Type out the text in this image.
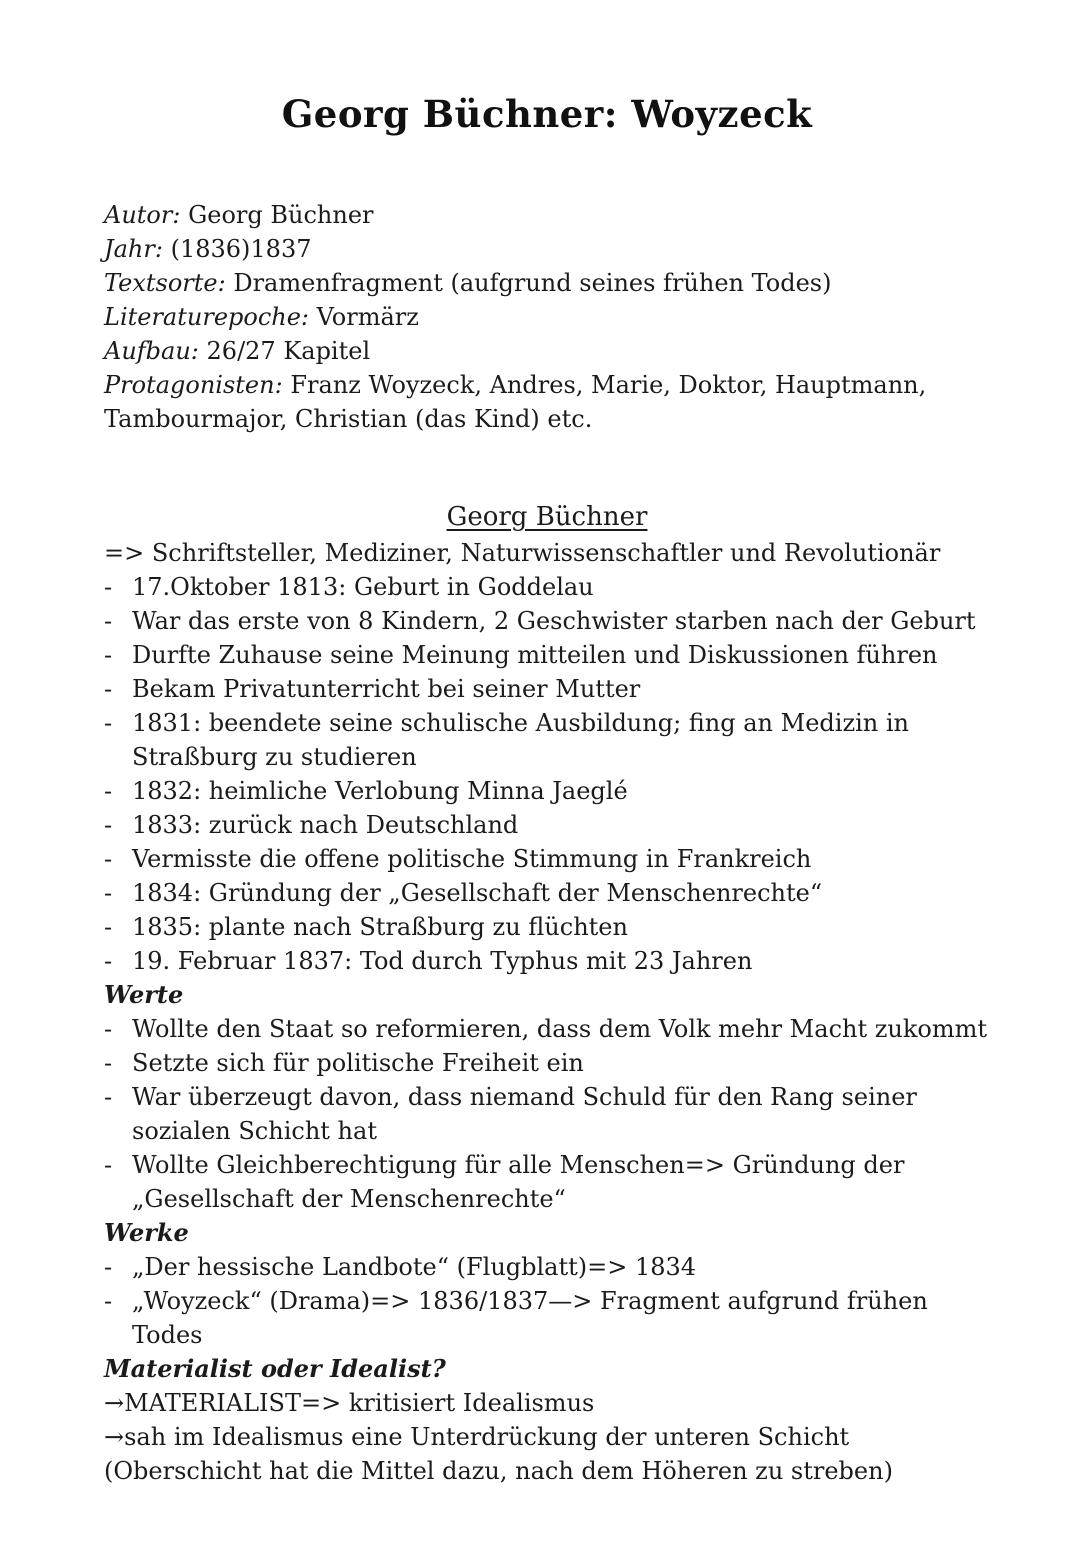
Georg Büchner: Woyzeck

Autor: Georg Büchner

Jahr: (1836)1837

Textsorte: Dramenfragment (aufgrund seines frühen Todes)

Literaturepoche: Vormärz

Aufbau: 26/27 Kapitel

Protagonisten: Franz Woyzeck, Andres, Marie, Doktor, Hauptmann, Tambourmajor, Christian (das Kind) etc.

Georg Büchner

=> Schriftsteller, Mediziner, Naturwissenschaftler und Revolutionär

- 17.Oktober 1813: Geburt in Goddelau
- War das erste von 8 Kindern, 2 Geschwister starben nach der Geburt
- Durfte Zuhause seine Meinung mitteilen und Diskussionen führen
- Bekam Privatunterricht bei seiner Mutter
- 1831: beendete seine schulische Ausbildung; fing an Medizin in Straßburg zu studieren
- 1832: heimliche Verlobung Minna Jaeglé
- 1833: zurück nach Deutschland
- Vermisste die offene politische Stimmung in Frankreich
- 1834: Gründung der „Gesellschaft der Menschenrechte“
- 1835: plante nach Straßburg zu flüchten
- 19. Februar 1837: Tod durch Typhus mit 23 Jahren
Werte
- Wollte den Staat so reformieren, dass dem Volk mehr Macht zukommt
- Setzte sich für politische Freiheit ein
- War überzeugt davon, dass niemand Schuld für den Rang seiner sozialen Schicht hat
- Wollte Gleichberechtigung für alle Menschen=> Gründung der „Gesellschaft der Menschenrechte“
Werke
- „Der hessische Landbote“ (Flugblatt)=> 1834
- „Woyzeck“ (Drama)=> 1836/1837—> Fragment aufgrund frühen Todes
Materialist oder Idealist?

→MATERIALIST=> kritisiert Idealismus

→sah im Idealismus eine Unterdrückung der unteren Schicht

(Oberschicht hat die Mittel dazu, nach dem Höheren zu streben)
